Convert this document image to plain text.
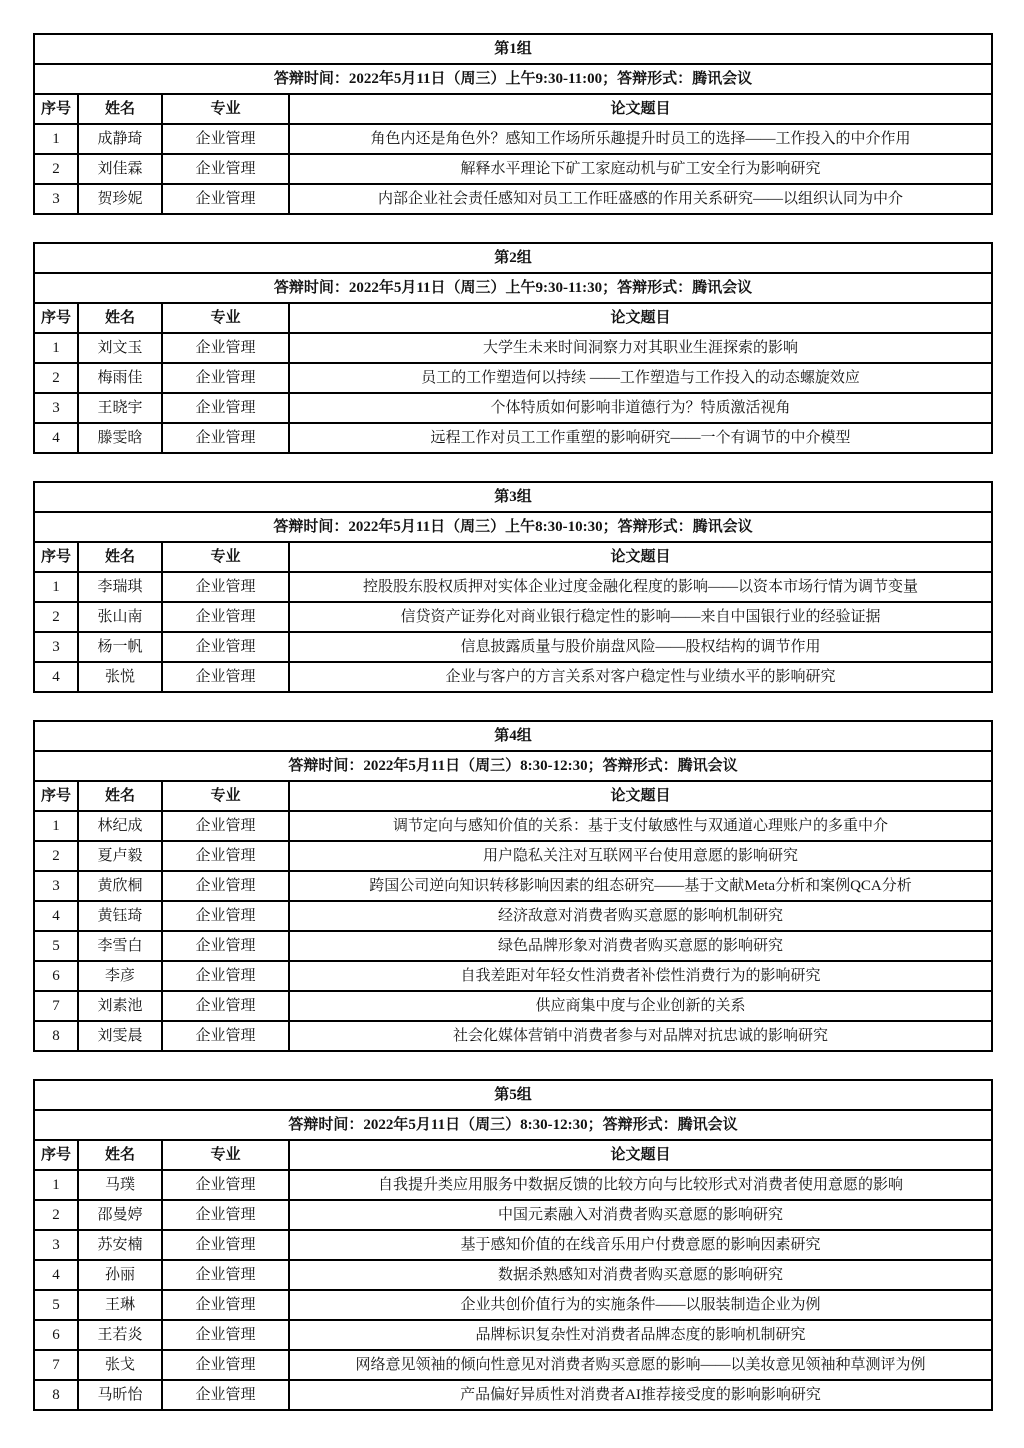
第1组			
答辩时间：2022年5月11日（周三）上午9:30-11:00；答辩形式：腾讯会议			
序号	姓名	专业	论文题目
1	成静琦	企业管理	角色内还是角色外？感知工作场所乐趣提升时员工的选择——工作投入的中介作用
2	刘佳霖	企业管理	解释水平理论下矿工家庭动机与矿工安全行为影响研究
3	贺珍妮	企业管理	内部企业社会责任感知对员工工作旺盛感的作用关系研究——以组织认同为中介
第2组			
答辩时间：2022年5月11日（周三）上午9:30-11:30；答辩形式：腾讯会议			
序号	姓名	专业	论文题目
1	刘文玉	企业管理	大学生未来时间洞察力对其职业生涯探索的影响
2	梅雨佳	企业管理	员工的工作塑造何以持续 ——工作塑造与工作投入的动态螺旋效应
3	王晓宇	企业管理	个体特质如何影响非道德行为？特质激活视角
4	滕雯晗	企业管理	远程工作对员工工作重塑的影响研究——一个有调节的中介模型
第3组			
答辩时间：2022年5月11日（周三）上午8:30-10:30；答辩形式：腾讯会议			
序号	姓名	专业	论文题目
1	李瑞琪	企业管理	控股股东股权质押对实体企业过度金融化程度的影响——以资本市场行情为调节变量
2	张山南	企业管理	信贷资产证券化对商业银行稳定性的影响——来自中国银行业的经验证据
3	杨一帆	企业管理	信息披露质量与股价崩盘风险——股权结构的调节作用
4	张悦	企业管理	企业与客户的方言关系对客户稳定性与业绩水平的影响研究
第4组			
答辩时间：2022年5月11日（周三）8:30-12:30；答辩形式：腾讯会议			
序号	姓名	专业	论文题目
1	林纪成	企业管理	调节定向与感知价值的关系：基于支付敏感性与双通道心理账户的多重中介
2	夏卢毅	企业管理	用户隐私关注对互联网平台使用意愿的影响研究
3	黄欣桐	企业管理	跨国公司逆向知识转移影响因素的组态研究——基于文献Meta分析和案例QCA分析
4	黄钰琦	企业管理	经济敌意对消费者购买意愿的影响机制研究
5	李雪白	企业管理	绿色品牌形象对消费者购买意愿的影响研究
6	李彦	企业管理	自我差距对年轻女性消费者补偿性消费行为的影响研究
7	刘素池	企业管理	供应商集中度与企业创新的关系
8	刘雯晨	企业管理	社会化媒体营销中消费者参与对品牌对抗忠诚的影响研究
第5组			
答辩时间：2022年5月11日（周三）8:30-12:30；答辩形式：腾讯会议			
序号	姓名	专业	论文题目
1	马璞	企业管理	自我提升类应用服务中数据反馈的比较方向与比较形式对消费者使用意愿的影响
2	邵曼婷	企业管理	中国元素融入对消费者购买意愿的影响研究
3	苏安楠	企业管理	基于感知价值的在线音乐用户付费意愿的影响因素研究
4	孙丽	企业管理	数据杀熟感知对消费者购买意愿的影响研究
5	王琳	企业管理	企业共创价值行为的实施条件——以服装制造企业为例
6	王若炎	企业管理	品牌标识复杂性对消费者品牌态度的影响机制研究
7	张戈	企业管理	网络意见领袖的倾向性意见对消费者购买意愿的影响——以美妆意见领袖种草测评为例
8	马昕怡	企业管理	产品偏好异质性对消费者AI推荐接受度的影响影响研究
